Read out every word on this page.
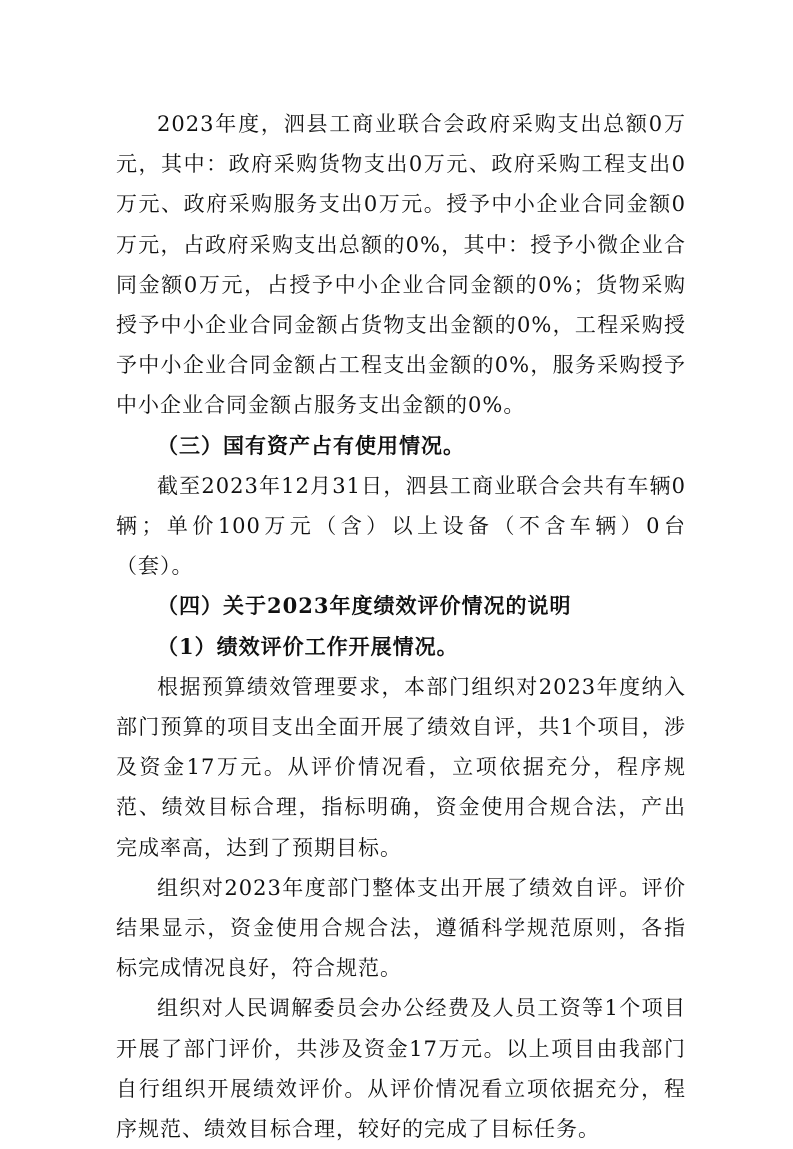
2023年度，泗县工商业联合会政府采购支出总额0万元，其中：政府采购货物支出0万元、政府采购工程支出0万元、政府采购服务支出0万元。授予中小企业合同金额0万元，占政府采购支出总额的0%，其中：授予小微企业合同金额0万元，占授予中小企业合同金额的0%；货物采购授予中小企业合同金额占货物支出金额的0%，工程采购授予中小企业合同金额占工程支出金额的0%，服务采购授予中小企业合同金额占服务支出金额的0%。

（三）国有资产占有使用情况。

截至2023年12月31日，泗县工商业联合会共有车辆0辆；单价100万元（含）以上设备（不含车辆）0台（套）。

（四）关于2023年度绩效评价情况的说明

（1）绩效评价工作开展情况。

根据预算绩效管理要求，本部门组织对2023年度纳入部门预算的项目支出全面开展了绩效自评，共1个项目，涉及资金17万元。从评价情况看，立项依据充分，程序规范、绩效目标合理，指标明确，资金使用合规合法，产出完成率高，达到了预期目标。

组织对2023年度部门整体支出开展了绩效自评。评价结果显示，资金使用合规合法，遵循科学规范原则，各指标完成情况良好，符合规范。

组织对人民调解委员会办公经费及人员工资等1个项目开展了部门评价，共涉及资金17万元。以上项目由我部门自行组织开展绩效评价。从评价情况看立项依据充分，程序规范、绩效目标合理，较好的完成了目标任务。
